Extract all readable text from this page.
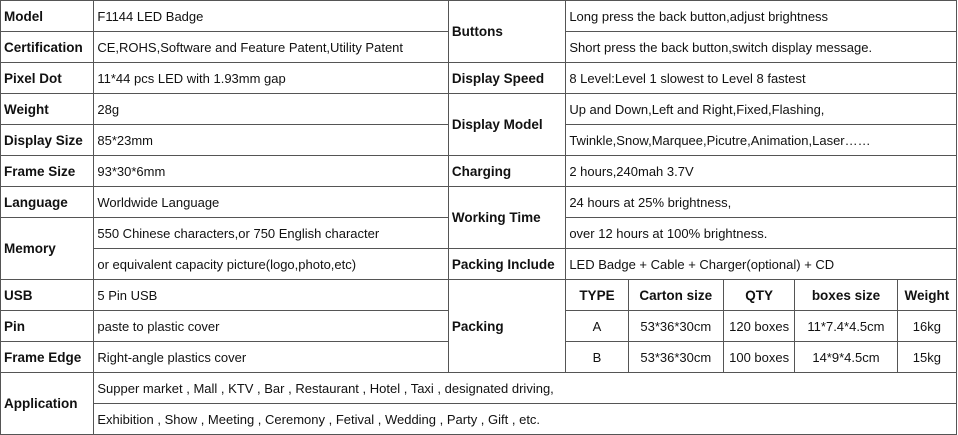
Model	F1144 LED Badge	Buttons	Long press the back button,adjust brightness				
Certification	CE,ROHS,Software and Feature Patent,Utility Patent		Short press the back button,switch display message.				
Pixel Dot	11*44 pcs LED with 1.93mm gap	Display Speed	8 Level:Level 1 slowest to Level 8 fastest				
Weight	28g	Display Model	Up and Down,Left and Right,Fixed,Flashing,				
Display Size	85*23mm		Twinkle,Snow,Marquee,Picutre,Animation,Laser……				
Frame Size	93*30*6mm	Charging	2 hours,240mah 3.7V				
Language	Worldwide Language	Working Time	24 hours at 25% brightness,				
Memory	550 Chinese characters,or 750 English character		over 12 hours at 100% brightness.				
	or equivalent capacity picture(logo,photo,etc)	Packing Include	LED Badge + Cable + Charger(optional) + CD				
USB	5 Pin USB	Packing	TYPE	Carton size	QTY	boxes size	Weight
Pin	paste to plastic cover		A	53*36*30cm	120 boxes	11*7.4*4.5cm	16kg
Frame Edge	Right-angle plastics cover		B	53*36*30cm	100 boxes	14*9*4.5cm	15kg
Application	Supper market , Mall , KTV , Bar , Restaurant , Hotel , Taxi , designated driving,						
	Exhibition , Show , Meeting , Ceremony , Fetival , Wedding , Party , Gift , etc.						
